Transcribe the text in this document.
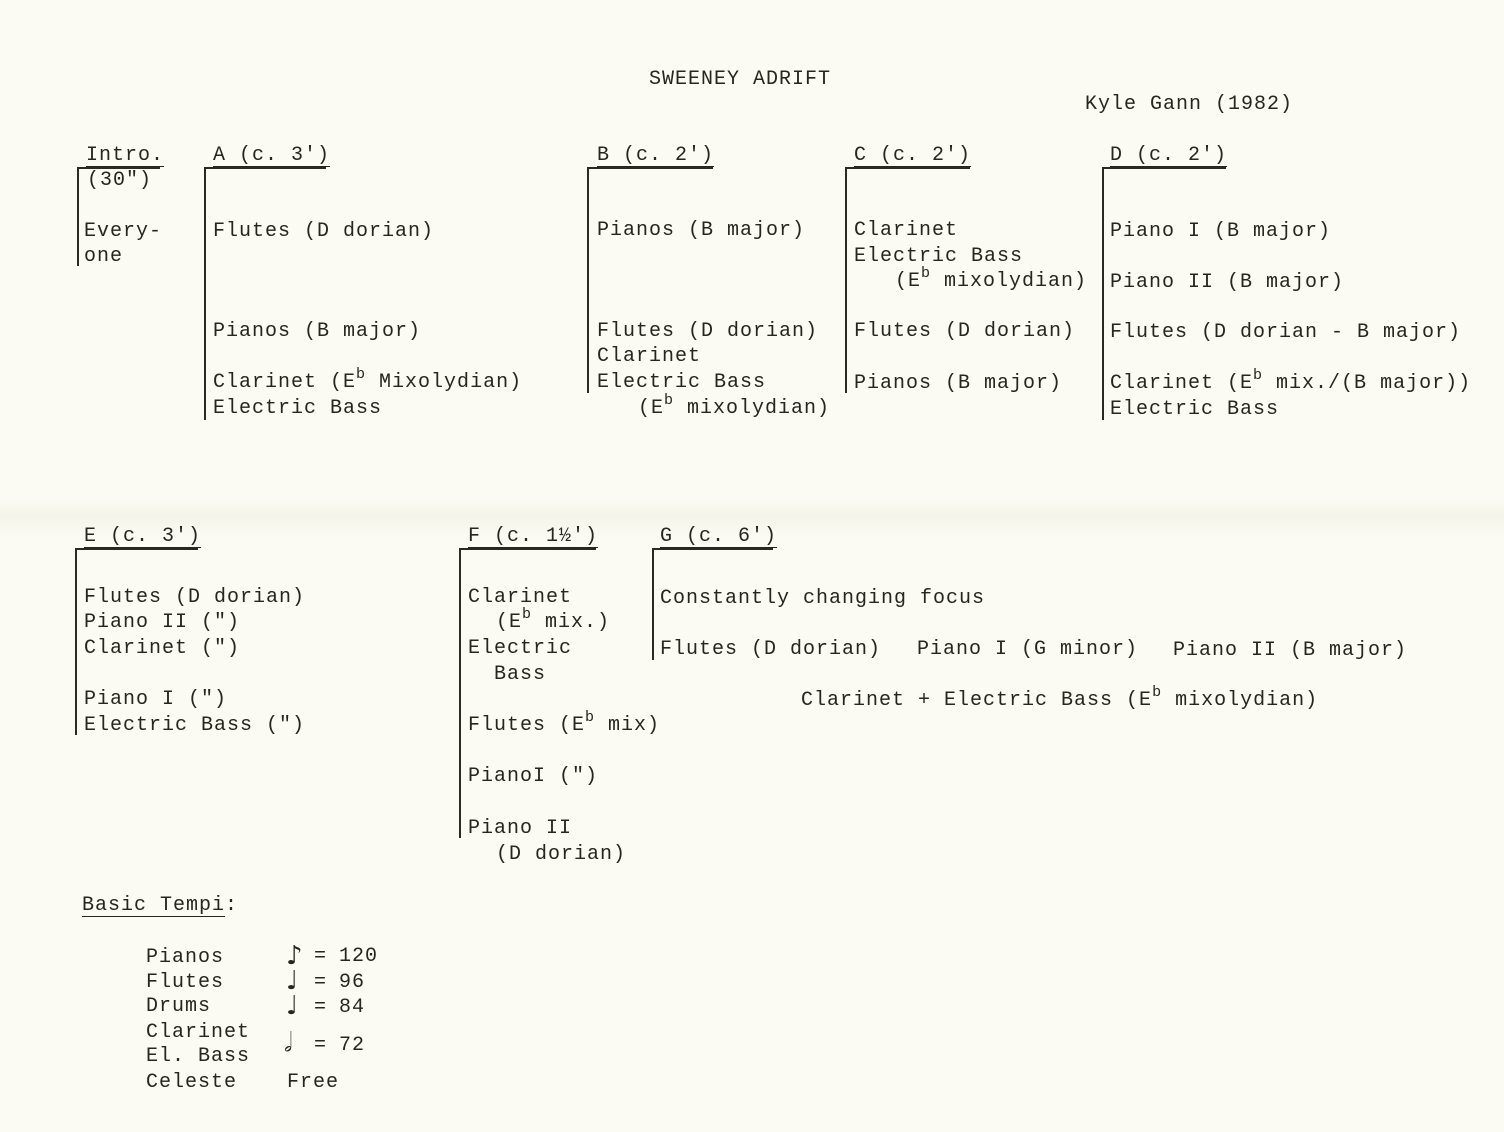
SWEENEY ADRIFT
Kyle Gann (1982)
Intro.
(30")
Every-
one
A (c. 3')
Flutes (D dorian)
Pianos (B major)
Clarinet ($E^b$ Mixolydian)
Electric Bass
B (c. 2')
Pianos (B major)
Flutes (D dorian)
Clarinet
Electric Bass
($E^b$ mixolydian)
C (c. 2')
Clarinet
Electric Bass
($E^b$ mixolydian)
Flutes (D dorian)
Pianos (B major)
D (c. 2')
Piano I (B major)
Piano II (B major)
Flutes (D dorian - B major)
Clarinet ($E^b$ mix./(B major))
Electric Bass
E (c. 3')
Flutes (D dorian)
Piano II (")
Clarinet (")
Piano I (")
Electric Bass (")
F (c. 1½')
Clarinet
($E^b$ mix.)
Electric
Bass
Flutes ($E^b$ mix)
PianoI (")
Piano II
(D dorian)
G (c. 6')
Constantly changing focus
Flutes (D dorian) Piano I (G minor) Piano II (B major)
Clarinet + Electric Bass ($E^b$ mixolydian)
Basic Tempi:
Pianos ♪ = 120
Flutes ♩ = 96
Drums	♩ = 84
Clarinet
El. Bass 𝅗𝅥 = 72
Celeste Free
